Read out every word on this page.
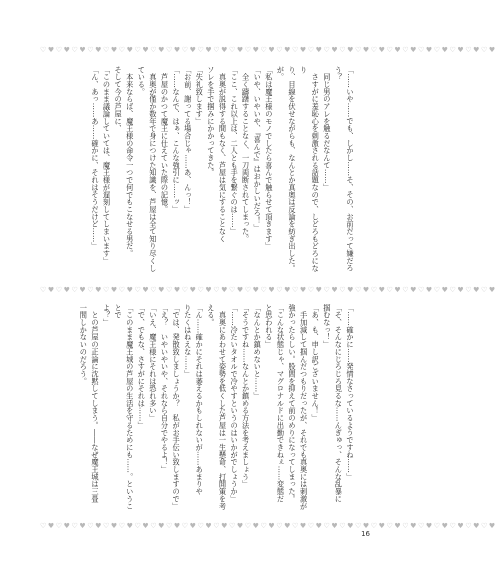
♡♥♡♥♡♥♡♥♡♥♡♥♡♥♡♥♡♥♡♥♡♥♡♥♡♥♡♥♡♥♡♥♡♥♡♥♡♥♡♥♡♥♡♥♡♥♡♥♡♥♡♥♡♥♡♥♡♥

「……いや……でも、しかし……そ、その、お前だって嫌だろう？

　同じ男のアレを触るだなんて……」

　さすがに羞恥心を刺激される話題なので、しどろもどろになり

り、目線を伏せながらも、なんとか真奥は反論を紡ぎ出した。

が。

「私は魔王様のモノでしたら喜んで触らせて頂きます」

「いや、いやいや、『喜んで』はおかしいだろ！」

　全く躊躇することなく、一刀両断されてしまった。

「ここ、これ以上は、二人とも手を繋ぐのは……」

　真奥が説得する間もなく、芦屋は気にすることなく

ソレを手で掴みにかかってきた。

「失礼致します」

「お前、謝ってる場合じゃ……あ、んっ！」

「……なんで、はぁ、こんな強引に……ッ」

　芦屋のかつて魔王に仕えていた際の記憶。

　真奥が僅か数年で身につけた知識を、芦屋は全て知り尽くしている。

　本来ならば、魔王様の命令一つで何でもこなせる男だ。

そして今の芦屋に、

「このまま議論していては、魔王様が遅刻してしまいます」

「ん、あっ……あ……確かに、それはそうだけど……」

♡♥♡♥♡♥♡♥♡♥♡♥♡♥♡♥♡♥♡♥♡♥♡♥♡♥♡♥♡♥♡♥♡♥♡♥♡♥♡♥♡♥♡♥♡♥♡♥♡♥♡♥♡♥♡♥♡♥

「……確かに……発情なさっているようですね……」

「そ、そんなにじろじろ見るな……んぎゅっ、そんな乱暴に

掴むなっ！」

「あ、も、申し訳ございません！」

　手加減して掴んだつもりだったが、それでも真奥には刺激が

強かったらしい。股間を抑えて前のめりになってしまった。

「こんな状態じゃ、マグロナルドに出勤できねぇ……変態だ

と思われる」

「なんとか鎮めないと……」

「そうですね……なんとか鎮める方法を考えましょう」

「……冷たいタオルで冷やすというのはいかがでしょうか」

　真奥にあわせて姿勢を低くした芦屋は一生懸命、打開策を考

える。

「ん……確かにそれは萎えるかもしれないが……あまりや

りたくはねえな……」

「では、発散致しましょうか？　私がお手伝い致しますので」

「え？　いやいやいや、それなら自分でやるよ！」

「いえ、魔王様にそれは恐れ多い」

「で、でもな、さすがにそれは……」

「このまま魔王城の芦屋の生活を守るためにも……。ということで

よ？」

　との芦屋の正論に沈黙してしまう。――なぜ魔王城は三畳

一間しかないのだろう。

♡♥♡♥♡♥♡♥♡♥♡♥♡♥♡♥♡♥♡♥♡♥♡♥♡♥♡♥♡♥♡♥♡♥♡♥♡♥♡♥♡♥♡♥♡♥♡♥♡♥♡♥♡♥♡♥♡♥
16
